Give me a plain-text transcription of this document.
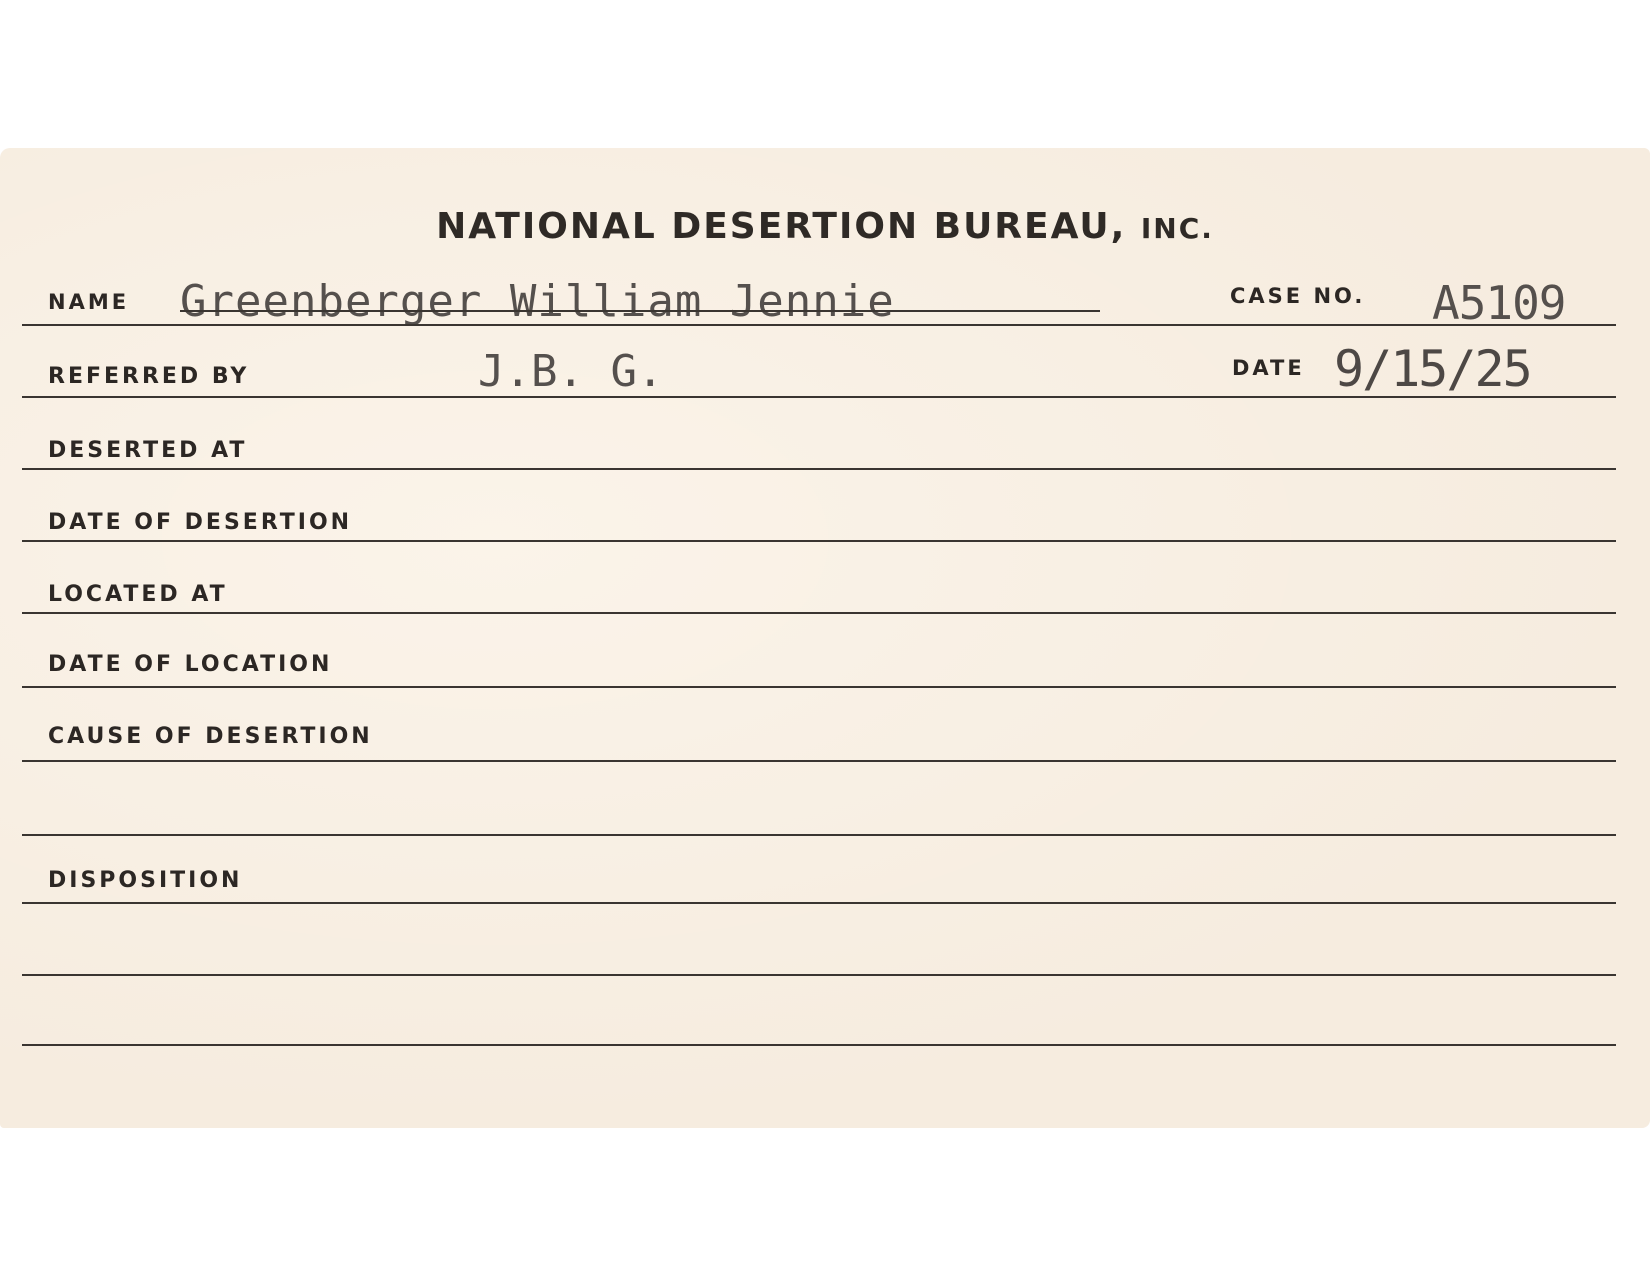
NATIONAL DESERTION BUREAU, INC.
NAME Greenberger William Jennie	CASE NO. A5109
REFERRED BY	J.B. G.	DATE 9/15/25
DESERTED AT
DATE OF DESERTION
LOCATED AT
DATE OF LOCATION
CAUSE OF DESERTION
DISPOSITION
